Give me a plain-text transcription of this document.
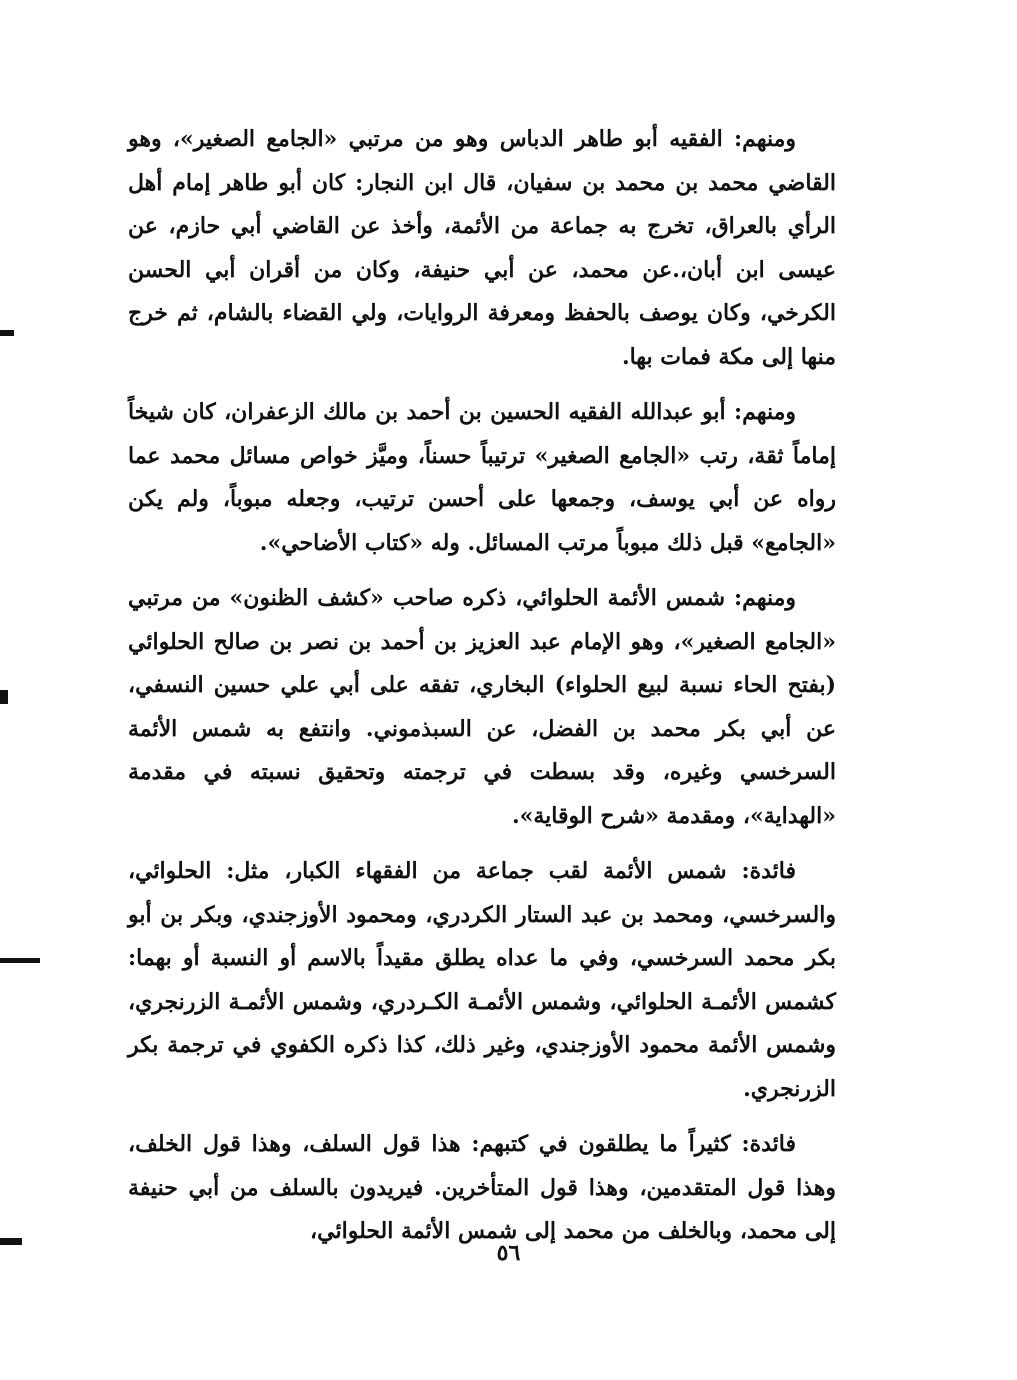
ومنهم: الفقيه أبو طاهر الدباس وهو من مرتبي «الجامع الصغير»، وهو القاضي محمد بن محمد بن سفيان، قال ابن النجار: كان أبو طاهر إمام أهل الرأي بالعراق، تخرج به جماعة من الأئمة، وأخذ عن القاضي أبي حازم، عن عيسى ابن أبان،.عن محمد، عن أبي حنيفة، وكان من أقران أبي الحسن الكرخي، وكان يوصف بالحفظ ومعرفة الروايات، ولي القضاء بالشام، ثم خرج منها إلى مكة فمات بها.

ومنهم: أبو عبدالله الفقيه الحسين بن أحمد بن مالك الزعفران، كان شيخاً إماماً ثقة، رتب «الجامع الصغير» ترتيباً حسناً، وميَّز خواص مسائل محمد عما رواه عن أبي يوسف، وجمعها على أحسن ترتيب، وجعله مبوباً، ولم يكن «الجامع» قبل ذلك مبوباً مرتب المسائل. وله «كتاب الأضاحي».

ومنهم: شمس الأئمة الحلوائي، ذكره صاحب «كشف الظنون» من مرتبي «الجامع الصغير»، وهو الإمام عبد العزيز بن أحمد بن نصر بن صالح الحلوائي (بفتح الحاء نسبة لبيع الحلواء) البخاري، تفقه على أبي علي حسين النسفي، عن أبي بكر محمد بن الفضل، عن السبذموني. وانتفع به شمس الأئمة السرخسي وغيره، وقد بسطت في ترجمته وتحقيق نسبته في مقدمة «الهداية»، ومقدمة «شرح الوقاية».

فائدة: شمس الأئمة لقب جماعة من الفقهاء الكبار، مثل: الحلوائي، والسرخسي، ومحمد بن عبد الستار الكردري، ومحمود الأوزجندي، وبكر بن أبو بكر محمد السرخسي، وفي ما عداه يطلق مقيداً بالاسم أو النسبة أو بهما: كشمس الأئمـة الحلوائي، وشمس الأئمـة الكـردري، وشمس الأئمـة الزرنجري، وشمس الأئمة محمود الأوزجندي، وغير ذلك، كذا ذكره الكفوي في ترجمة بكر الزرنجري.

فائدة: كثيراً ما يطلقون في كتبهم: هذا قول السلف، وهذا قول الخلف، وهذا قول المتقدمين، وهذا قول المتأخرين. فيريدون بالسلف من أبي حنيفة إلى محمد، وبالخلف من محمد إلى شمس الأئمة الحلوائي،

٥٦
